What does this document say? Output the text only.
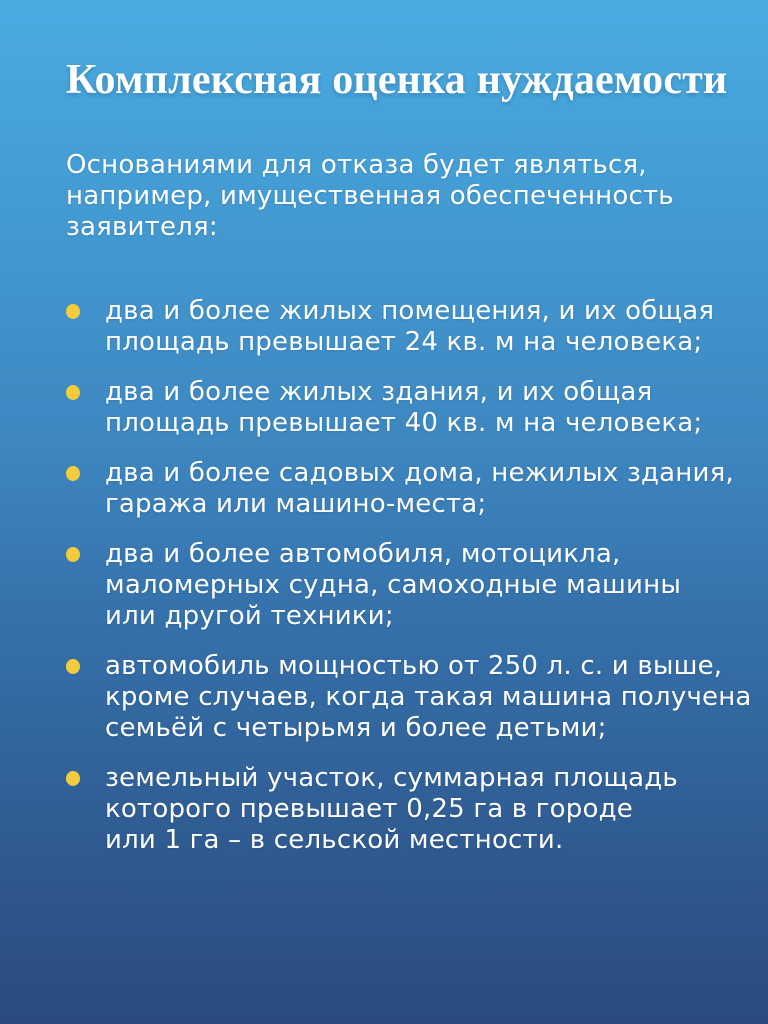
Комплексная оценка нуждаемости
Основаниями для отказа будет являться,
например, имущественная обеспеченность
заявителя:
два и более жилых помещения, и их общая
площадь превышает 24 кв. м на человека;
два и более жилых здания, и их общая
площадь превышает 40 кв. м на человека;
два и более садовых дома, нежилых здания,
гаража или машино-места;
два и более автомобиля, мотоцикла,
маломерных судна, самоходные машины
или другой техники;
автомобиль мощностью от 250 л. с. и выше,
кроме случаев, когда такая машина получена
семьёй с четырьмя и более детьми;
земельный участок, суммарная площадь
которого превышает 0,25 га в городе
или 1 га – в сельской местности.
